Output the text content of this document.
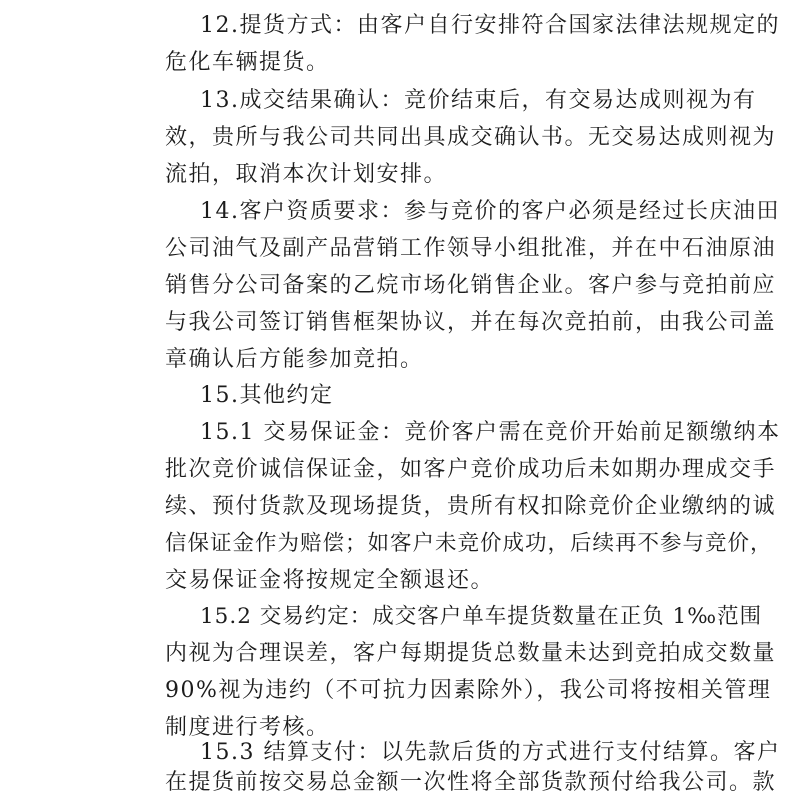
12.提货方式：由客户自行安排符合国家法律法规规定的
危化车辆提货。
13.成交结果确认：竞价结束后，有交易达成则视为有
效，贵所与我公司共同出具成交确认书。无交易达成则视为
流拍，取消本次计划安排。
14.客户资质要求：参与竞价的客户必须是经过长庆油田
公司油气及副产品营销工作领导小组批准，并在中石油原油
销售分公司备案的乙烷市场化销售企业。客户参与竞拍前应
与我公司签订销售框架协议，并在每次竞拍前，由我公司盖
章确认后方能参加竞拍。
15.其他约定
15.1 交易保证金：竞价客户需在竞价开始前足额缴纳本
批次竞价诚信保证金，如客户竞价成功后未如期办理成交手
续、预付货款及现场提货，贵所有权扣除竞价企业缴纳的诚
信保证金作为赔偿；如客户未竞价成功，后续再不参与竞价，
交易保证金将按规定全额退还。
15.2 交易约定：成交客户单车提货数量在正负 1‰范围
内视为合理误差，客户每期提货总数量未达到竞拍成交数量
90%视为违约（不可抗力因素除外），我公司将按相关管理
制度进行考核。
15.3 结算支付：以先款后货的方式进行支付结算。客户
在提货前按交易总金额一次性将全部货款预付给我公司。款
